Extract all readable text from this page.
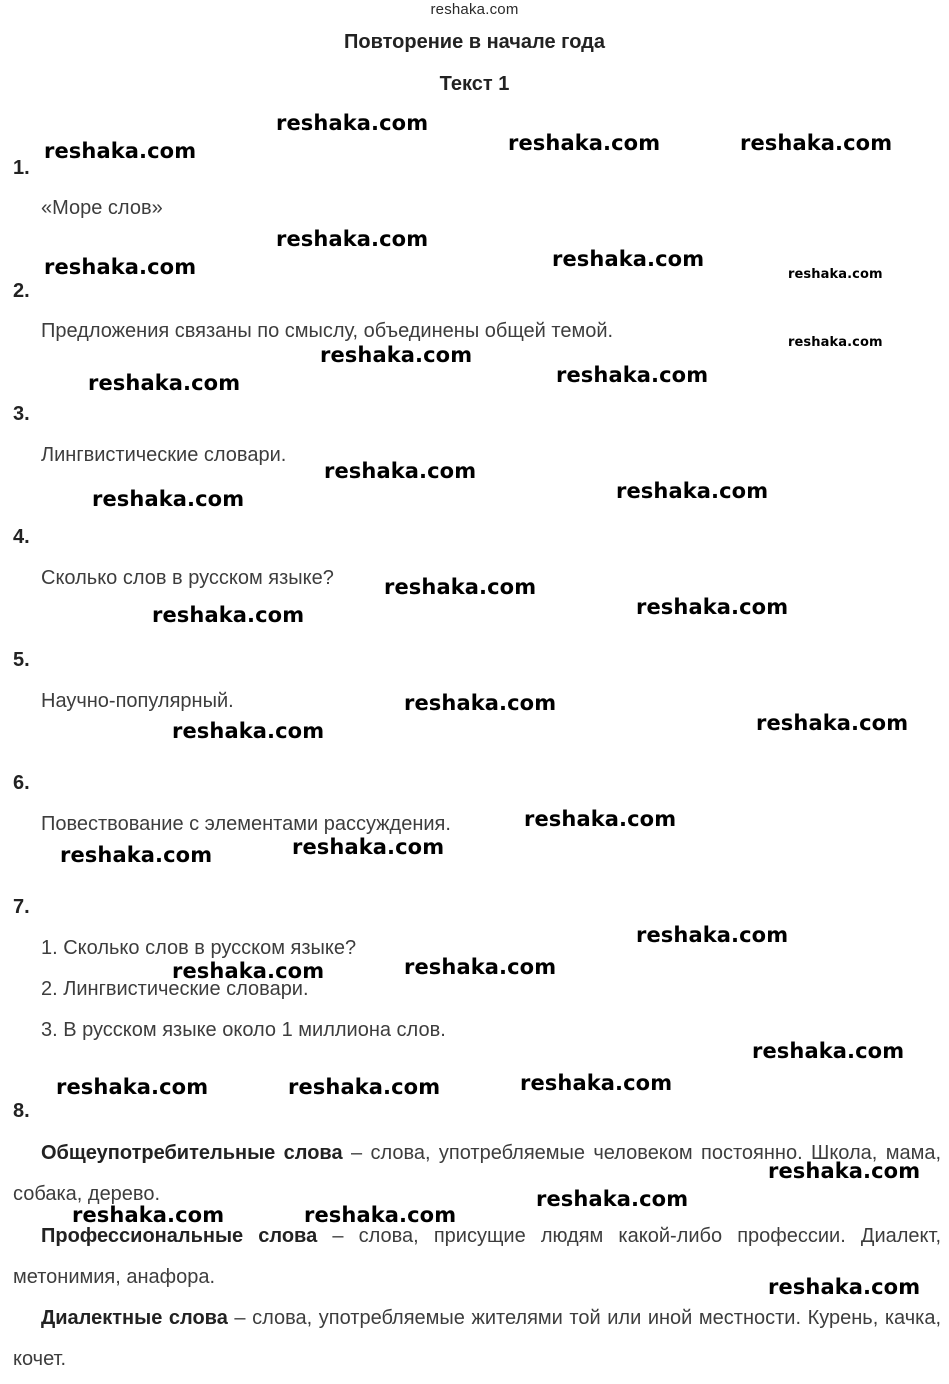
reshaka.com
Повторение в начале года
Текст 1
1.
«Море слов»
2.
Предложения связаны по смыслу, объединены общей темой.
3.
Лингвистические словари.
4.
Сколько слов в русском языке?
5.
Научно-популярный.
6.
Повествование с элементами рассуждения.
7.
1. Сколько слов в русском языке?
2. Лингвистические словари.
3. В русском языке около 1 миллиона слов.
8.
Общеупотребительные слова – слова, употребляемые человеком постоянно. Школа, мама, собака, дерево.
Профессиональные слова – слова, присущие людям какой-либо профессии. Диалект, метонимия, анафора.
Диалектные слова – слова, употребляемые жителями той или иной местности. Курень, качка, кочет.
reshaka.com
reshaka.com	reshaka.com	reshaka.com
reshaka.com
reshaka.com	reshaka.com
reshaka.com
reshaka.com
reshaka.com
reshaka.com	reshaka.com
reshaka.com
reshaka.com	reshaka.com
reshaka.com
reshaka.com	reshaka.com
reshaka.com
reshaka.com	reshaka.com
reshaka.com
reshaka.com
reshaka.com
reshaka.com
reshaka.com	reshaka.com
reshaka.com
reshaka.com	reshaka.com	reshaka.com
reshaka.com
reshaka.com
reshaka.com	reshaka.com
reshaka.com
